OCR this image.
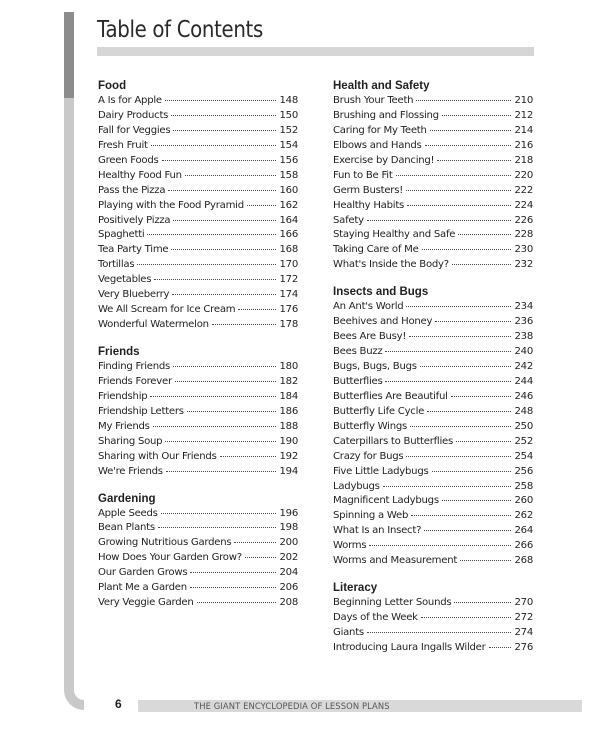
Table of Contents
Food
A Is for Apple	148
Dairy Products	150
Fall for Veggies	152
Fresh Fruit	154
Green Foods	156
Healthy Food Fun	158
Pass the Pizza	160
Playing with the Food Pyramid	162
Positively Pizza	164
Spaghetti	166
Tea Party Time	168
Tortillas	170
Vegetables	172
Very Blueberry	174
We All Scream for Ice Cream	176
Wonderful Watermelon	178
Friends
Finding Friends	180
Friends Forever	182
Friendship	184
Friendship Letters	186
My Friends	188
Sharing Soup	190
Sharing with Our Friends	192
We're Friends	194
Gardening
Apple Seeds	196
Bean Plants	198
Growing Nutritious Gardens	200
How Does Your Garden Grow?	202
Our Garden Grows	204
Plant Me a Garden	206
Very Veggie Garden	208
Health and Safety
Brush Your Teeth	210
Brushing and Flossing	212
Caring for My Teeth	214
Elbows and Hands	216
Exercise by Dancing!	218
Fun to Be Fit	220
Germ Busters!	222
Healthy Habits	224
Safety	226
Staying Healthy and Safe	228
Taking Care of Me	230
What's Inside the Body?	232
Insects and Bugs
An Ant's World	234
Beehives and Honey	236
Bees Are Busy!	238
Bees Buzz	240
Bugs, Bugs, Bugs	242
Butterflies	244
Butterflies Are Beautiful	246
Butterfly Life Cycle	248
Butterfly Wings	250
Caterpillars to Butterflies	252
Crazy for Bugs	254
Five Little Ladybugs	256
Ladybugs	258
Magnificent Ladybugs	260
Spinning a Web	262
What Is an Insect?	264
Worms	266
Worms and Measurement	268
Literacy
Beginning Letter Sounds	270
Days of the Week	272
Giants	274
Introducing Laura Ingalls Wilder	276
6	THE GIANT ENCYCLOPEDIA OF LESSON PLANS
